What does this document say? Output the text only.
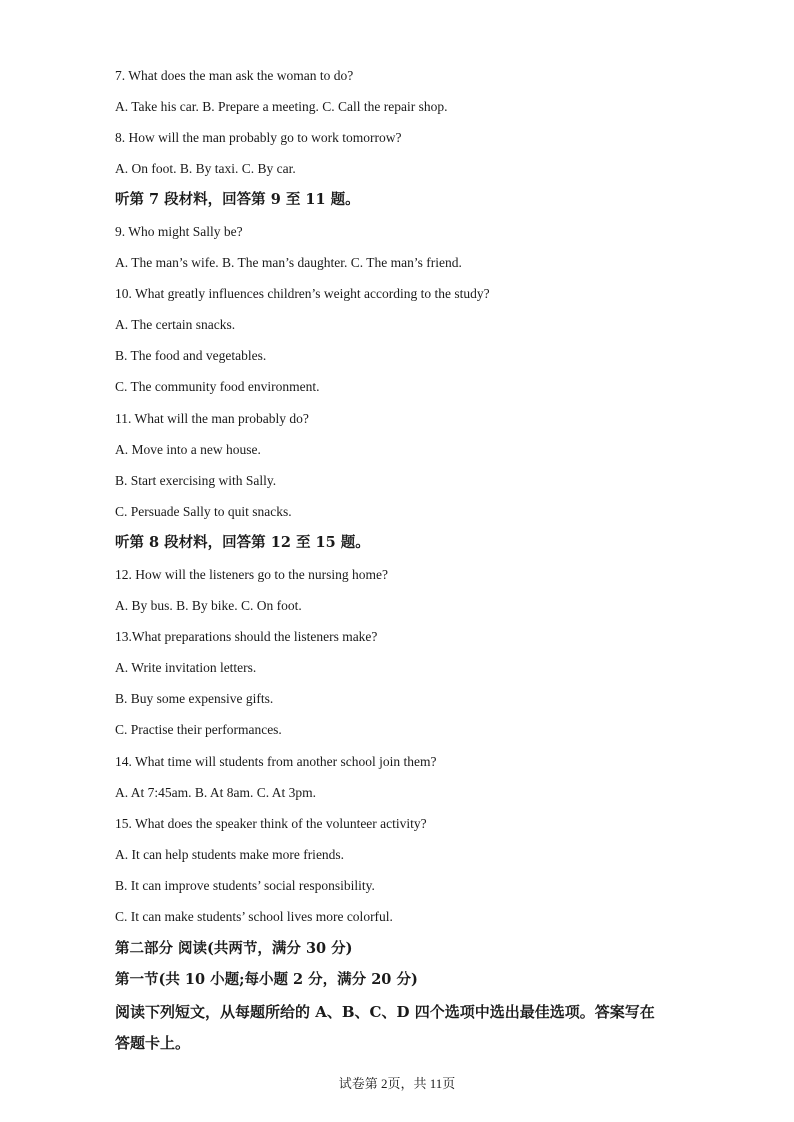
7. What does the man ask the woman to do?
A. Take his car. B. Prepare a meeting. C. Call the repair shop.
8. How will the man probably go to work tomorrow?
A. On foot. B. By taxi. C. By car.
听第 7 段材料，回答第 9 至 11 题。
9. Who might Sally be?
A. The man’s wife. B. The man’s daughter. C. The man’s friend.
10. What greatly influences children’s weight according to the study?
A. The certain snacks.
B. The food and vegetables.
C. The community food environment.
11. What will the man probably do?
A. Move into a new house.
B. Start exercising with Sally.
C. Persuade Sally to quit snacks.
听第 8 段材料，回答第 12 至 15 题。
12. How will the listeners go to the nursing home?
A. By bus. B. By bike. C. On foot.
13.What preparations should the listeners make?
A. Write invitation letters.
B. Buy some expensive gifts.
C. Practise their performances.
14. What time will students from another school join them?
A. At 7:45am. B. At 8am. C. At 3pm.
15. What does the speaker think of the volunteer activity?
A. It can help students make more friends.
B. It can improve students’ social responsibility.
C. It can make students’ school lives more colorful.
第二部分 阅读(共两节，满分 30 分)
第一节(共 10 小题;每小题 2 分，满分 20 分)
阅读下列短文，从每题所给的 A、B、C、D 四个选项中选出最佳选项。答案写在
答题卡上。
试卷第 2页，共 11页
